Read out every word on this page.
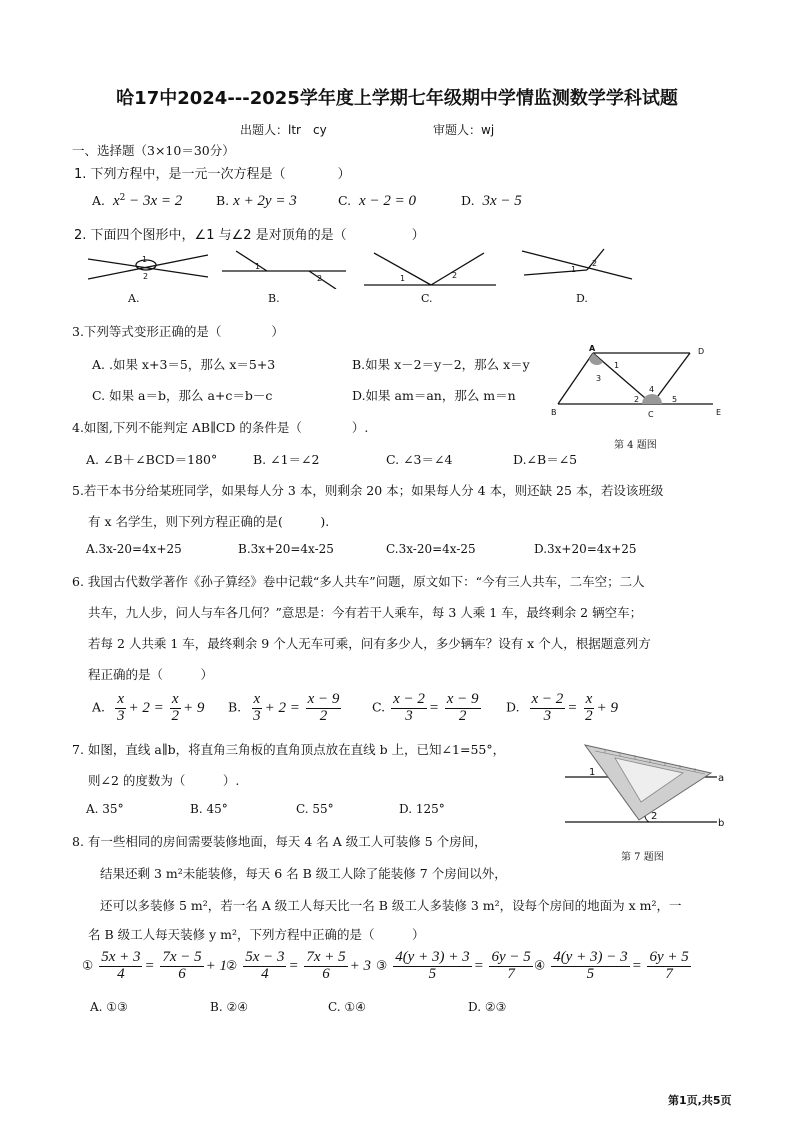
哈17中2024---2025学年度上学期七年级期中学情监测数学学科试题
出题人：ltr　cy	审题人：wj
一、选择题（3×10＝30分）
1. 下列方程中，是一元一次方程是（　　　　）
A. $x^2 - 3x = 2$	B. x + 2y = 3	C. x − 2 = 0	D. 3x − 5
2. 下面四个图形中，∠1 与∠2 是对顶角的是（　　　　　）
1
2
1
2	1	2
1
2
A.	B.	C.	D.
3.下列等式变形正确的是（　　　　）
A. .如果 x+3＝5，那么 x＝5+3	B.如果 x－2＝y－2，那么 x＝y
C. 如果 a＝b，那么 a+c＝b－c	D.如果 am＝an，那么 m＝n
A	D
B	C	E
1
3
4
2	5
第 4 题图
4.如图,下列不能判定 AB∥CD 的条件是（　　　　）.
A. ∠B＋∠BCD＝180°	B. ∠1＝∠2	C. ∠3＝∠4	D.∠B＝∠5
5.若干本书分给某班同学，如果每人分 3 本，则剩余 20 本；如果每人分 4 本，则还缺 25 本，若设该班级
有 x 名学生，则下列方程正确的是(　　　).
A.3x-20=4x+25	B.3x+20=4x-25	C.3x-20=4x-25	D.3x+20=4x+25
6. 我国古代数学著作《孙子算经》卷中记载“多人共车”问题，原文如下：“今有三人共车，二车空；二人
共车，九人步，问人与车各几何？”意思是：今有若干人乘车，每 3 人乘 1 车，最终剩余 2 辆空车；
若每 2 人共乘 1 车，最终剩余 9 个人无车可乘，问有多少人，多少辆车？设有 x 个人，根据题意列方
程正确的是（　　　）
A. $\frac{x}{3} + 2 = \frac{x}{2} + 9$ B. $\frac{x}{3} + 2 = \frac{x - 9}{2} C$. $\frac{x - 2}{3} = \frac{x - 9}{2} D$. $\frac{x - 2}{3} = \frac{x}{2} + 9$
1
2
a
b
第 7 题图
7. 如图，直线 a∥b，将直角三角板的直角顶点放在直线 b 上，已知∠1=55°，
则∠2 的度数为（　　　）.
A. 35°	B. 45°	C. 55°	D. 125°
8. 有一些相同的房间需要装修地面，每天 4 名 A 级工人可装修 5 个房间，
结果还剩 3 m²未能装修，每天 6 名 B 级工人除了能装修 7 个房间以外，
还可以多装修 5 m²，若一名 A 级工人每天比一名 B 级工人多装修 3 m²，设每个房间的地面为 x m²，一
名 B 级工人每天装修 y m²，下列方程中正确的是（　　　）
① $\frac{5x + 3}{4} = \frac{7x - 5}{6} + 1$ ② $\frac{5x - 3}{4} = \frac{7x + 5}{6} + 3$ ③ $\frac{4(y + 3) + 3}{5} = \frac{6y - 5}{7}$ ④ $\frac{4(y + 3) - 3}{5} = \frac{6y + 5}{7}$
A. ①③	B. ②④	C. ①④	D. ②③
第1页,共5页
